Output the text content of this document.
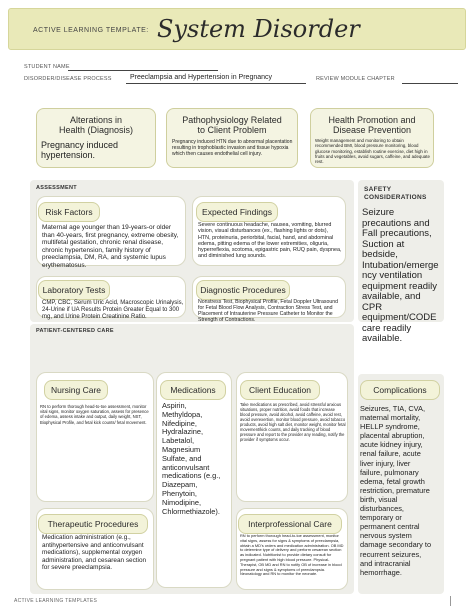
ACTIVE LEARNING TEMPLATE: System Disorder
STUDENT NAME
DISORDER/DISEASE PROCESS	Preeclampsia and Hypertension in Pregnancy	REVIEW MODULE CHAPTER
Alterations in
Health (Diagnosis)
Pregnancy induced hypertension.
Pathophysiology Related
to Client Problem
Pregnancy induced HTN due to abnormal placentation resulting in trophoblastic invasion and tissue hypoxia which then causes endothelial cell injury.
Health Promotion and
Disease Prevention
Weight management and monitoring to obtain recommended BMI, blood pressure monitoring, blood glucose monitoring, establish routine exercise, diet high in fruits and vegetables, avoid sugars, caffeine, and adequate rest.
ASSESSMENT
Risk Factors
Maternal age younger than 19-years-or older than 40-years, first pregnancy, extreme obesity, multifetal gestation, chronic renal disease, chronic hypertension, family history of preeclampsia, DM, RA, and systemic lupus erythematosus.
Expected Findings
Severe continuous headache, nausea, vomiting, blurred vision, visual disturbances (ex., flashing lights or dots), HTN, proteinuria, periorbital, facial, hand, and abdominal edema, pitting edema of the lower extremities, oliguria, hyperreflexia, scotoma, epigastric pain, RUQ pain, dyspnea, and diminished lung sounds.
Laboratory Tests
CMP, CBC, Serum Uric Acid, Macroscopic Urinalysis, 24-Urine if UA Results Protein Greater Equal to 300 mg, and Urine Protein Creatinine Ratio.
Diagnostic Procedures
Nonstress Test, Biophysical Profile, Fetal Doppler Ultrasound for Fetal Blood Flow Analysis, Contraction Stress Test, and Placement of Intrauterine Pressure Catheter to Monitor the Strength of Contractions.
SAFETY
CONSIDERATIONS
Seizure
precautions and
Fall precautions,
Suction at
bedside,
Intubation/emerge
ncy ventilation
equipment readily
available, and
CPR
equipment/CODE
care readily
available.
PATIENT-CENTERED CARE
Nursing Care
RN to perform thorough head-to-toe assessment, monitor vital signs, monitor oxygen saturation, assess for presence of edema, assess intake and output, daily weight, NST, Biophysical Profile, and fetal kick counts/ fetal movement.
Medications
Aspirin,
Methyldopa,
Nifedipine,
Hydralazine,
Labetalol,
Magnesium
Sulfate, and
anticonvulsant
medications (e.g.,
Diazepam,
Phenytoin,
Nimodipine,
Chlormethiazole).
Client Education
Take medications as prescribed, avoid stressful anxious situations, proper nutrition, avoid foods that increase blood pressure, avoid alcohol, avoid caffeine, avoid rest, avoid overexertion, monitor blood pressure, avoid tobacco products, avoid high salt diet, monitor weight, monitor fetal movement/kick counts, and daily tracking of blood pressure and report to the provider any reading, notify the provider if symptoms occur.
Therapeutic Procedures
Medication administration (e.g., antihypertensive and anticonvulsant medications), supplemental oxygen administration, and cesarean section for severe preeclampsia.
Interprofessional Care
RN to perform thorough head-to-toe assessment, monitor vital signs, assess for signs & symptoms of preeclampsia, obtain a MD's orders and medication administration. OB MD to determine type of delivery and perform cesarean section as indicated. Nutritionist to provide dietary consult for pregnant patient with high blood pressure. Physical-Therapist, OB MD and RN to notify OB of increase in blood pressure and signs & symptoms of preeclampsia. Neonatology and RN to monitor the neonate.
Complications
Seizures, TIA, CVA,
maternal mortality,
HELLP syndrome,
placental abruption,
acute kidney injury,
renal failure, acute
liver injury, liver
failure, pulmonary
edema, fetal growth
restriction, premature
birth, visual
disturbances,
temporary or
permanent central
nervous system
damage secondary to
recurrent seizures,
and intracranial
hemorrhage.
ACTIVE LEARNING TEMPLATES
